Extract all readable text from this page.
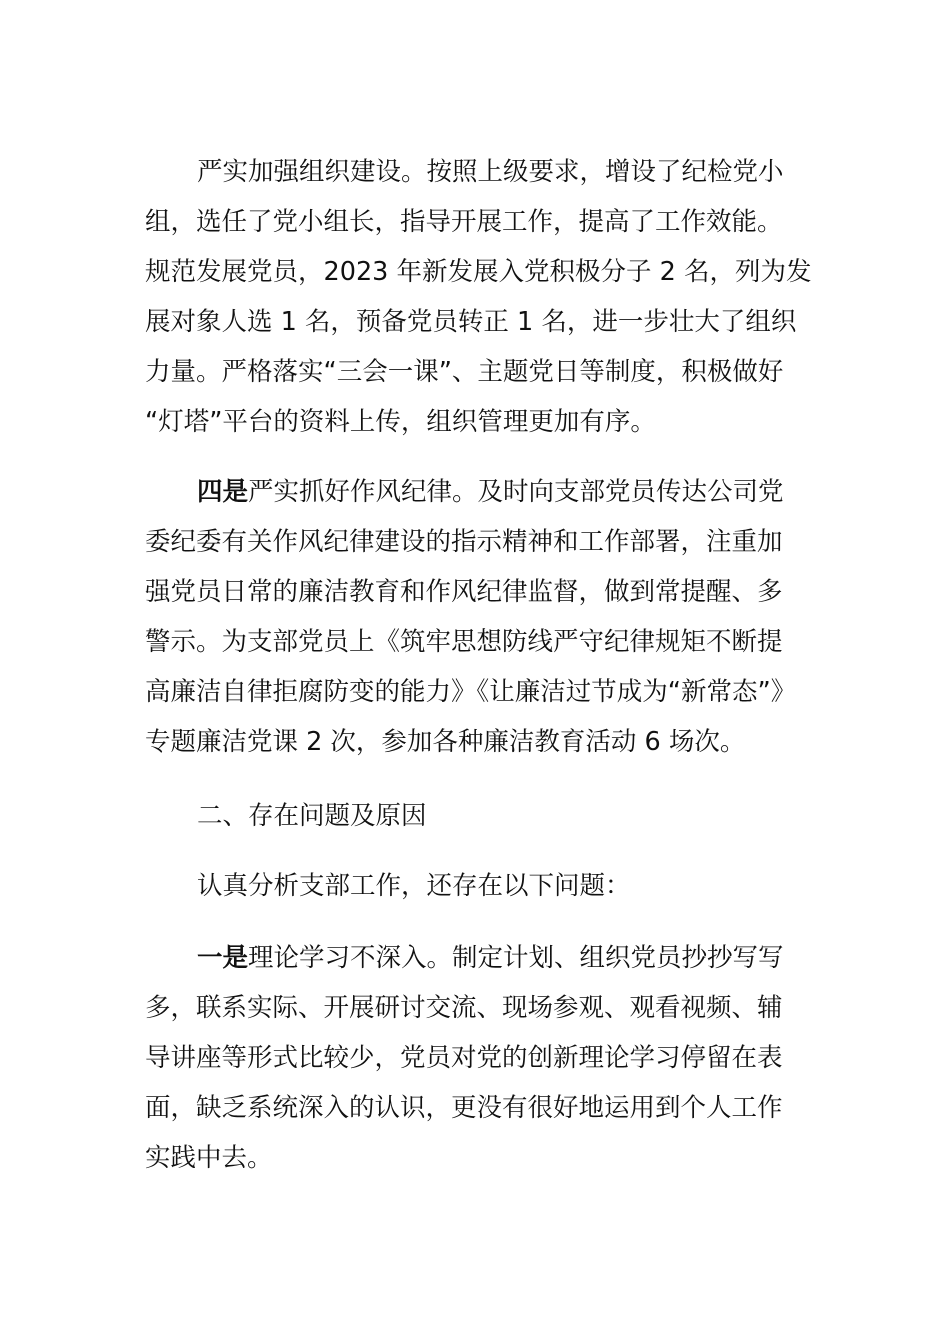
严实加强组织建设。按照上级要求，增设了纪检党小
组，选任了党小组长，指导开展工作，提高了工作效能。
规范发展党员，2023 年新发展入党积极分子 2 名，列为发
展对象人选 1 名，预备党员转正 1 名，进一步壮大了组织
力量。严格落实“三会一课”、主题党日等制度，积极做好
“灯塔”平台的资料上传，组织管理更加有序。
四是严实抓好作风纪律。及时向支部党员传达公司党
委纪委有关作风纪律建设的指示精神和工作部署，注重加
强党员日常的廉洁教育和作风纪律监督，做到常提醒、多
警示。为支部党员上《筑牢思想防线严守纪律规矩不断提
高廉洁自律拒腐防变的能力》《让廉洁过节成为“新常态”》
专题廉洁党课 2 次，参加各种廉洁教育活动 6 场次。
二、存在问题及原因
认真分析支部工作，还存在以下问题：
一是理论学习不深入。制定计划、组织党员抄抄写写
多，联系实际、开展研讨交流、现场参观、观看视频、辅
导讲座等形式比较少，党员对党的创新理论学习停留在表
面，缺乏系统深入的认识，更没有很好地运用到个人工作
实践中去。
